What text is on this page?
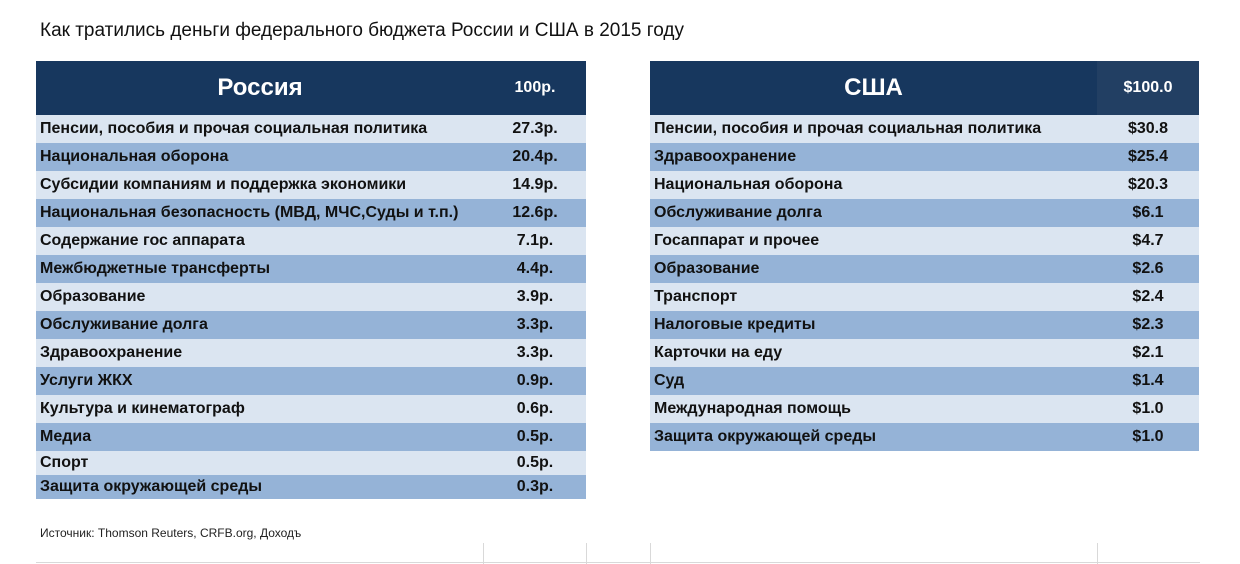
Как тратились деньги федерального бюджета России и США в 2015 году
Россия	100р.
Пенсии, пособия и прочая социальная политика	27.3р.
Национальная оборона	20.4р.
Субсидии компаниям и поддержка экономики	14.9р.
Национальная безопасность (МВД, МЧС,Суды и т.п.)	12.6р.
Содержание гос аппарата	7.1р.
Межбюджетные трансферты	4.4р.
Образование	3.9р.
Обслуживание долга	3.3р.
Здравоохранение	3.3р.
Услуги ЖКХ	0.9р.
Культура и кинематограф	0.6р.
Медиа	0.5р.
Спорт	0.5р.
Защита окружающей среды	0.3р.
США	$100.0
Пенсии, пособия и прочая социальная политика	$30.8
Здравоохранение	$25.4
Национальная оборона	$20.3
Обслуживание долга	$6.1
Госаппарат и прочее	$4.7
Образование	$2.6
Транспорт	$2.4
Налоговые кредиты	$2.3
Карточки на еду	$2.1
Суд	$1.4
Международная помощь	$1.0
Защита окружающей среды	$1.0
Источник: Thomson Reuters, CRFB.org, Доходъ
